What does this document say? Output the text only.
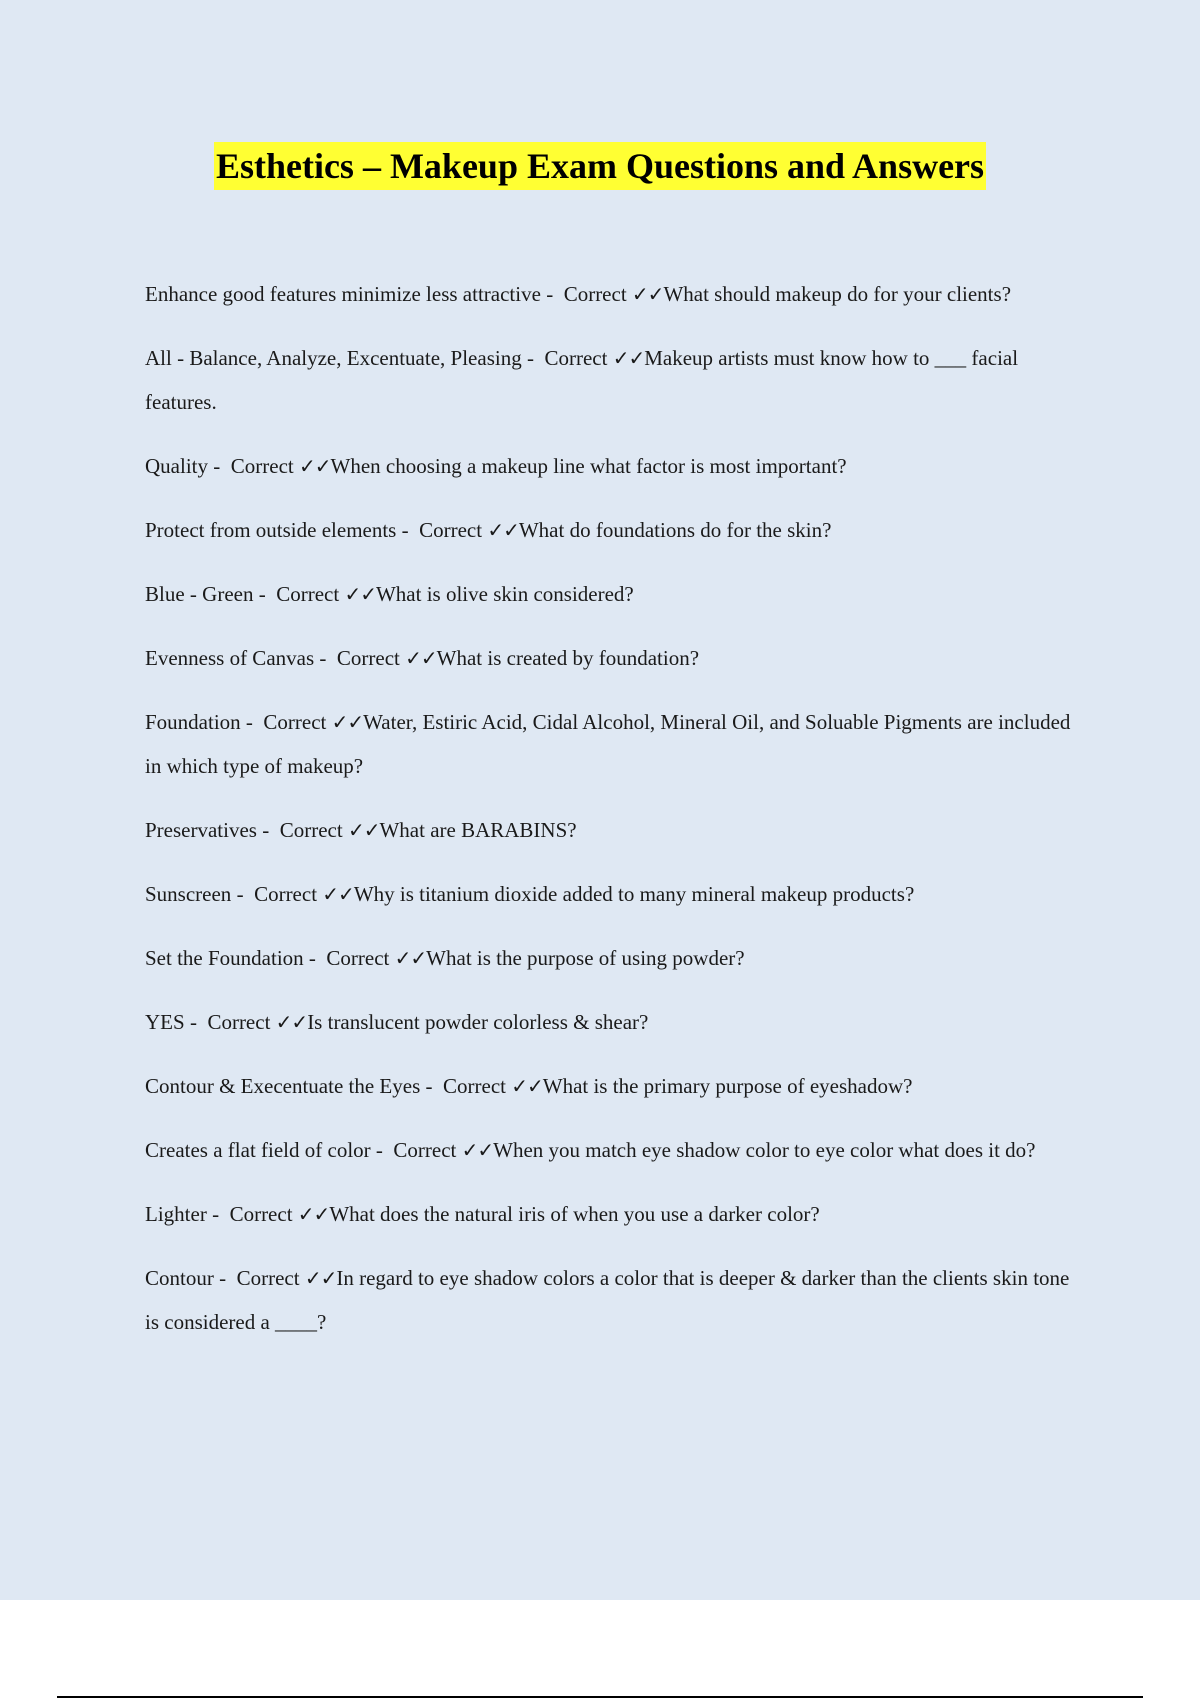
Esthetics – Makeup Exam Questions and Answers
Enhance good features minimize less attractive -  Correct ✓✓What should makeup do for your clients?
All - Balance, Analyze, Excentuate, Pleasing -  Correct ✓✓Makeup artists must know how to ___ facial features.
Quality -  Correct ✓✓When choosing a makeup line what factor is most important?
Protect from outside elements -  Correct ✓✓What do foundations do for the skin?
Blue - Green -  Correct ✓✓What is olive skin considered?
Evenness of Canvas -  Correct ✓✓What is created by foundation?
Foundation -  Correct ✓✓Water, Estiric Acid, Cidal Alcohol, Mineral Oil, and Soluable Pigments are included in which type of makeup?
Preservatives -  Correct ✓✓What are BARABINS?
Sunscreen -  Correct ✓✓Why is titanium dioxide added to many mineral makeup products?
Set the Foundation -  Correct ✓✓What is the purpose of using powder?
YES -  Correct ✓✓Is translucent powder colorless & shear?
Contour & Execentuate the Eyes -  Correct ✓✓What is the primary purpose of eyeshadow?
Creates a flat field of color -  Correct ✓✓When you match eye shadow color to eye color what does it do?
Lighter -  Correct ✓✓What does the natural iris of when you use a darker color?
Contour -  Correct ✓✓In regard to eye shadow colors a color that is deeper & darker than the clients skin tone is considered a ____?
